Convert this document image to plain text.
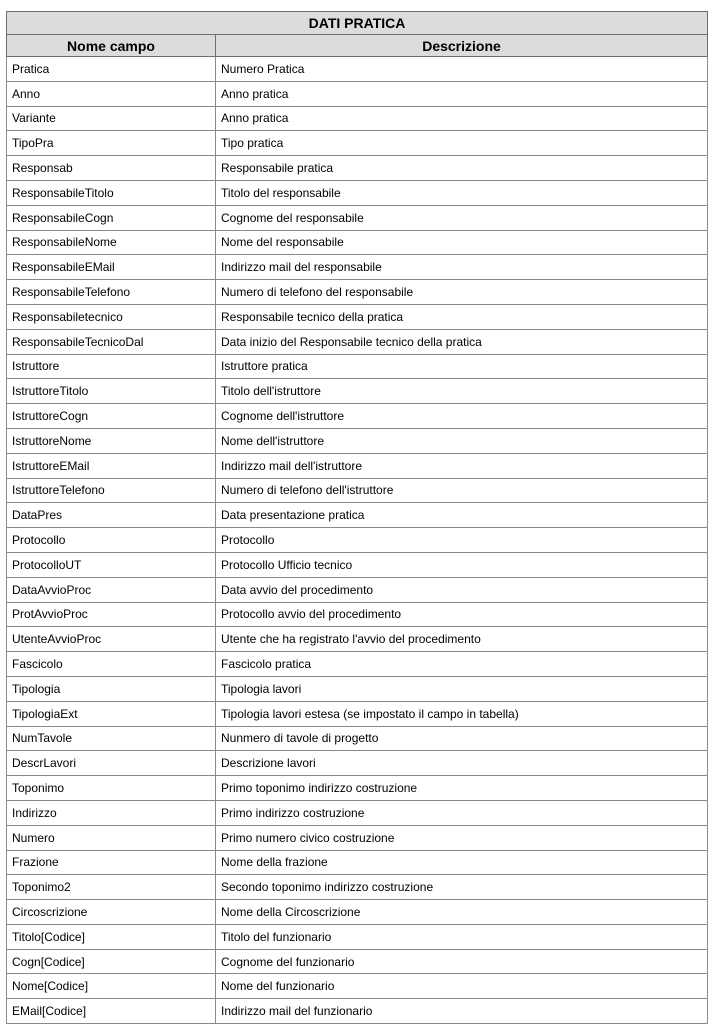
DATI PRATICA	
Nome campo	Descrizione
Pratica	Numero Pratica
Anno	Anno pratica
Variante	Anno pratica
TipoPra	Tipo pratica
Responsab	Responsabile pratica
ResponsabileTitolo	Titolo del responsabile
ResponsabileCogn	Cognome del responsabile
ResponsabileNome	Nome del responsabile
ResponsabileEMail	Indirizzo mail del responsabile
ResponsabileTelefono	Numero di telefono del responsabile
Responsabiletecnico	Responsabile tecnico della pratica
ResponsabileTecnicoDal	Data inizio del Responsabile tecnico della pratica
Istruttore	Istruttore pratica
IstruttoreTitolo	Titolo dell'istruttore
IstruttoreCogn	Cognome dell'istruttore
IstruttoreNome	Nome dell'istruttore
IstruttoreEMail	Indirizzo mail dell'istruttore
IstruttoreTelefono	Numero di telefono dell'istruttore
DataPres	Data presentazione pratica
Protocollo	Protocollo
ProtocolloUT	Protocollo Ufficio tecnico
DataAvvioProc	Data avvio del procedimento
ProtAvvioProc	Protocollo avvio del procedimento
UtenteAvvioProc	Utente che ha registrato l'avvio del procedimento
Fascicolo	Fascicolo pratica
Tipologia	Tipologia lavori
TipologiaExt	Tipologia lavori estesa (se impostato il campo in tabella)
NumTavole	Nunmero di tavole di progetto
DescrLavori	Descrizione lavori
Toponimo	Primo toponimo indirizzo costruzione
Indirizzo	Primo indirizzo costruzione
Numero	Primo numero civico costruzione
Frazione	Nome della frazione
Toponimo2	Secondo toponimo indirizzo costruzione
Circoscrizione	Nome della Circoscrizione
Titolo[Codice]	Titolo del funzionario
Cogn[Codice]	Cognome del funzionario
Nome[Codice]	Nome del funzionario
EMail[Codice]	Indirizzo mail del funzionario
